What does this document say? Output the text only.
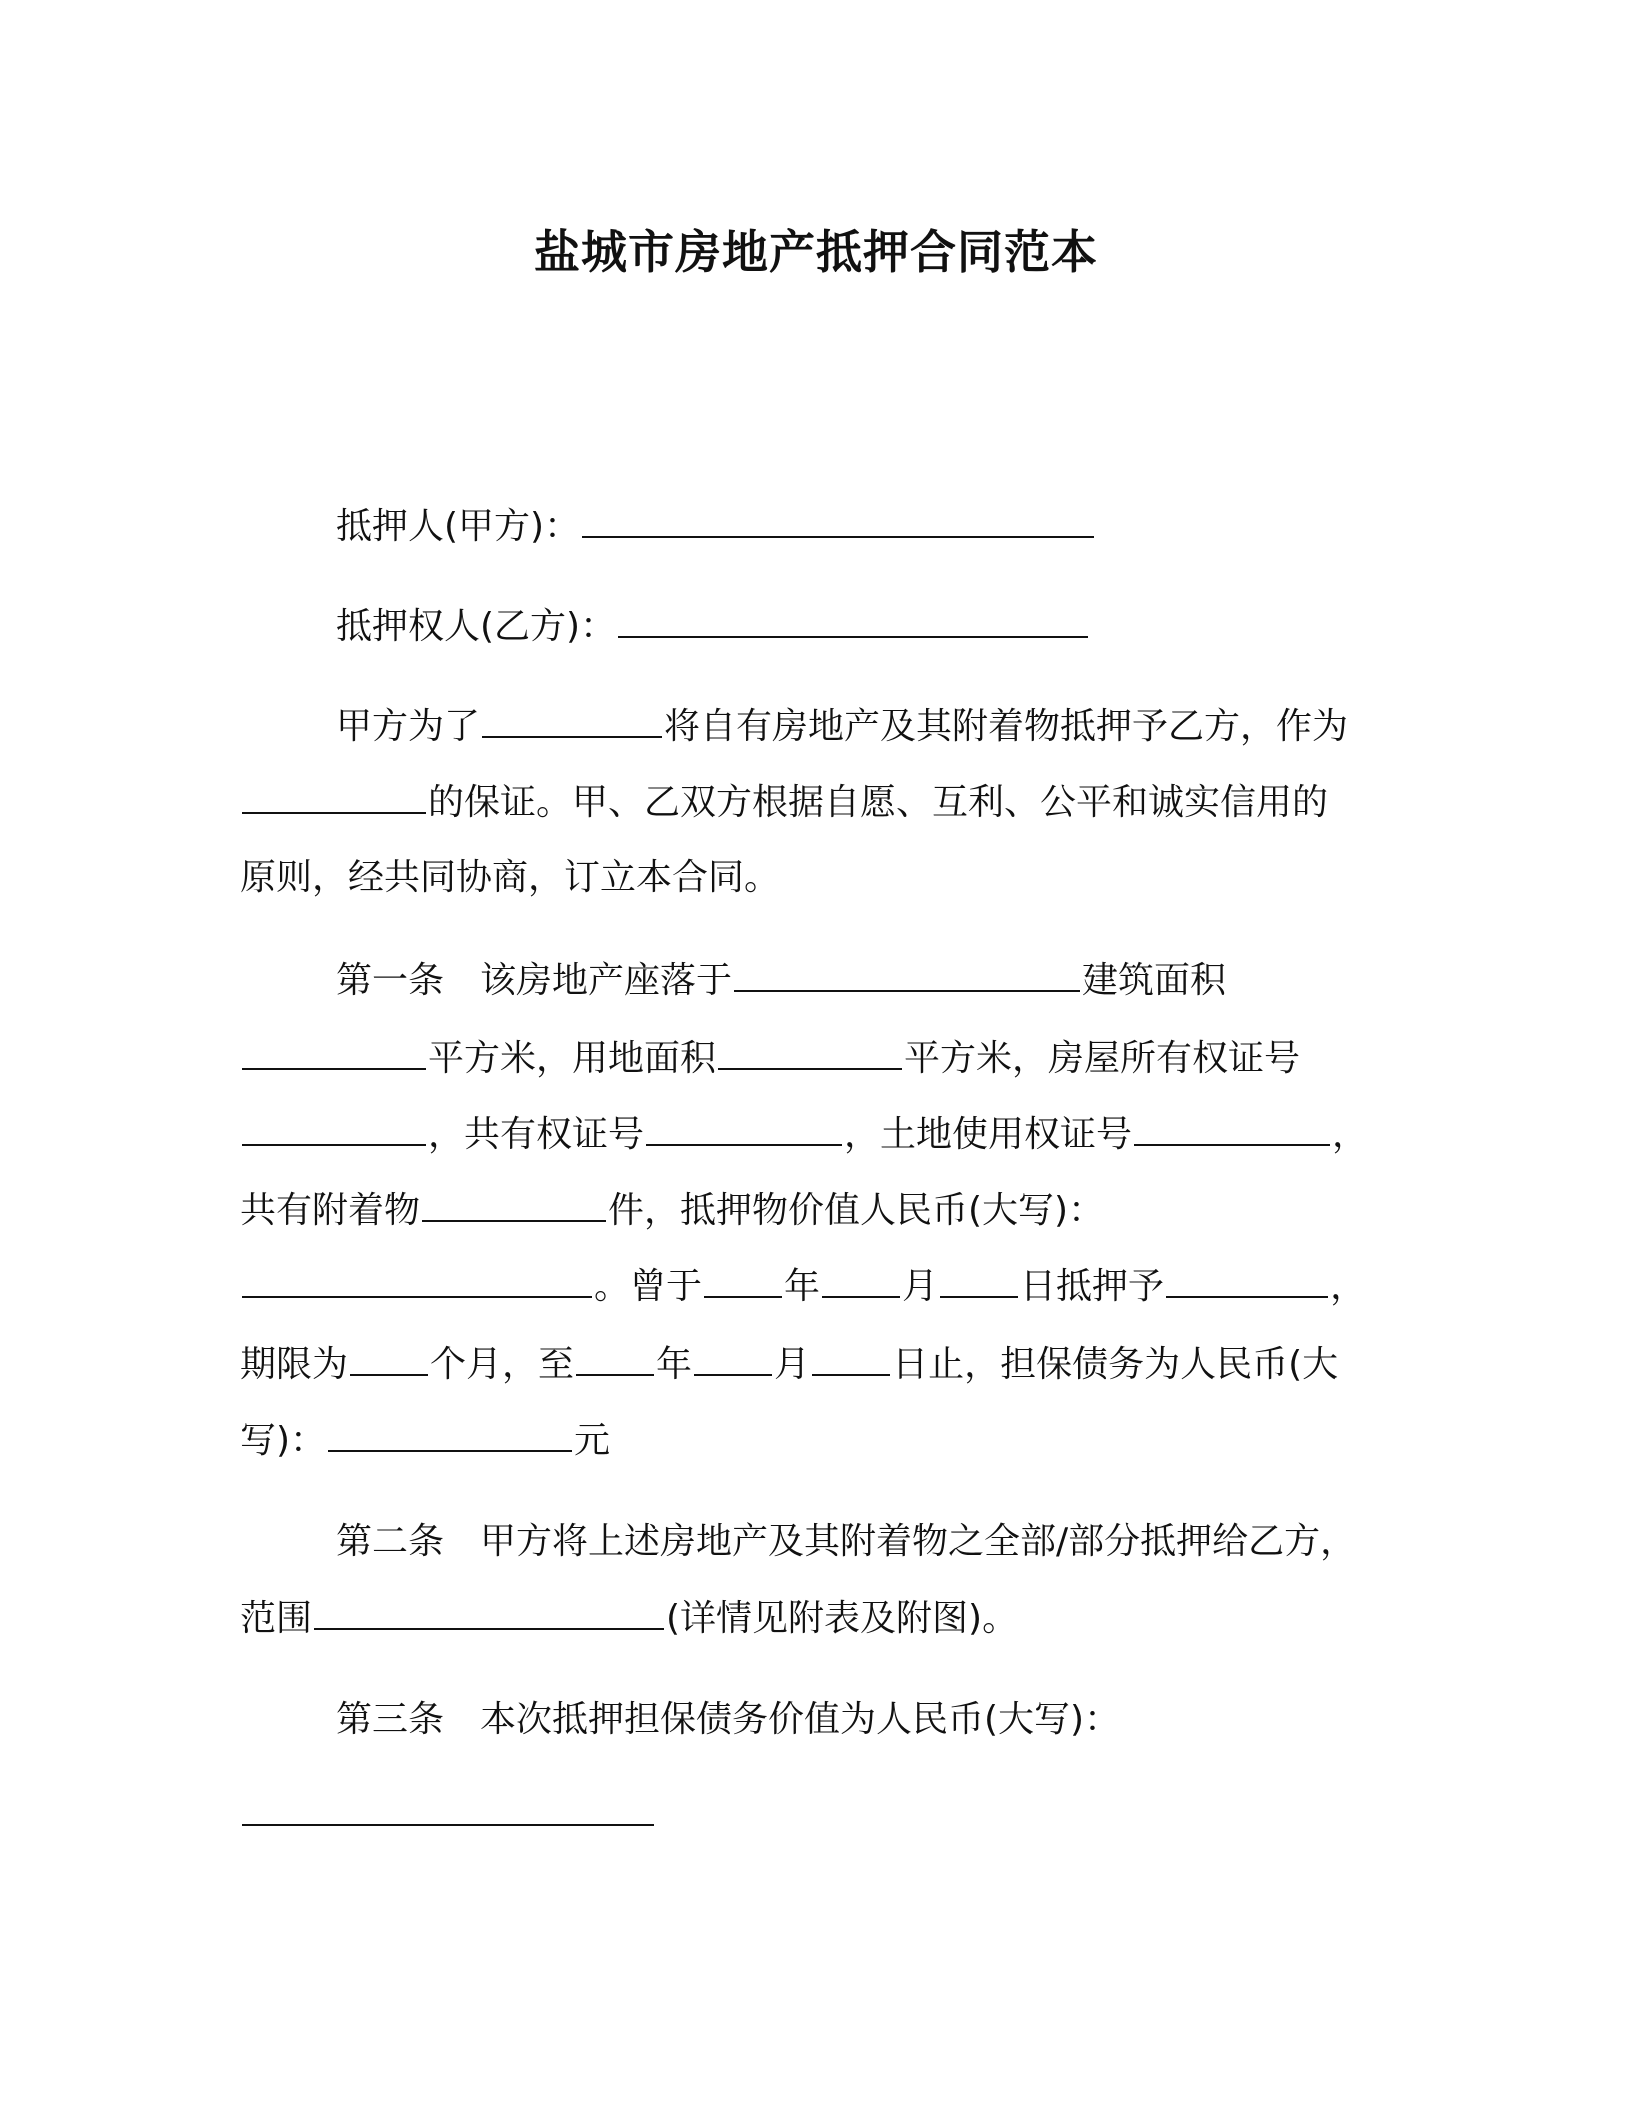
盐城市房地产抵押合同范本
抵押人(甲方)：
抵押权人(乙方)：
甲方为了	将自有房地产及其附着物抵押予乙方，作为
的保证。甲、乙双方根据自愿、互利、公平和诚实信用的
原则，经共同协商，订立本合同。
第一条　该房地产座落于	建筑面积
平方米，用地面积	平方米，房屋所有权证号
，共有权证号	，土地使用权证号	，
共有附着物	件，抵押物价值人民币(大写)：
。曾于 年 月 日抵押予	，
期限为 个月，至 年 月 日止，担保债务为人民币(大
写)：	元
第二条　甲方将上述房地产及其附着物之全部/部分抵押给乙方，
范围	(详情见附表及附图)。
第三条　本次抵押担保债务价值为人民币(大写)：
